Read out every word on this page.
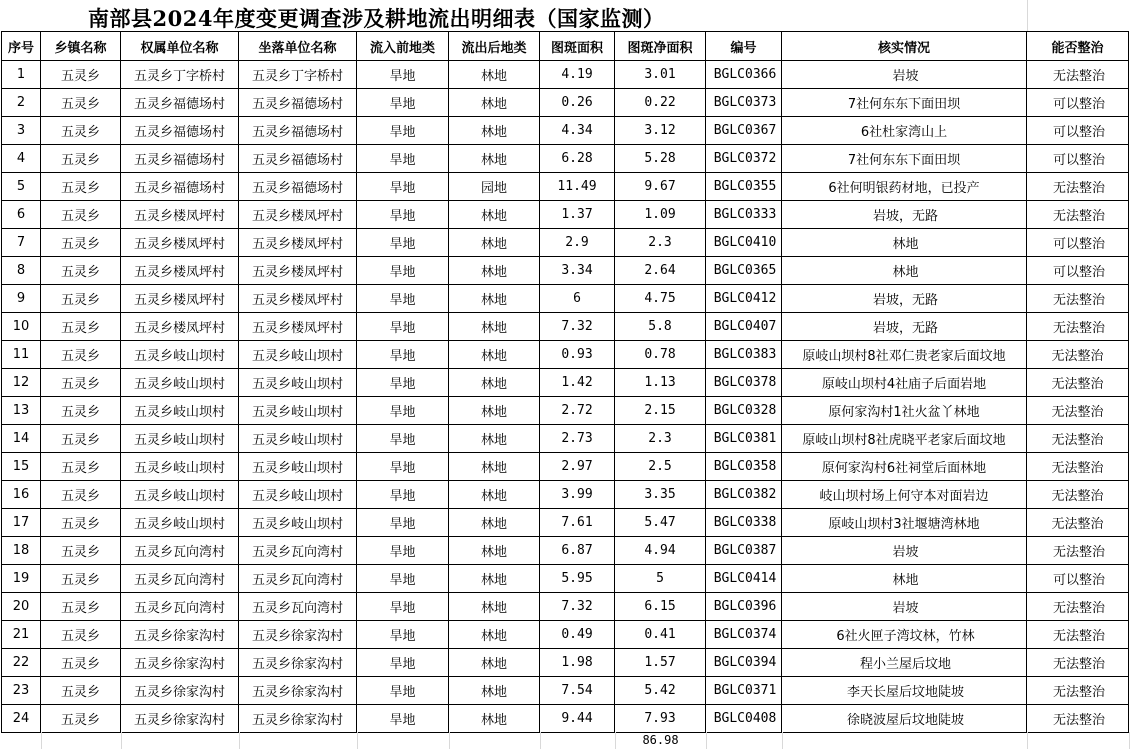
南部县2024年度变更调查涉及耕地流出明细表（国家监测）
序号	乡镇名称	权属单位名称	坐落单位名称	流入前地类	流出后地类	图斑面积	图斑净面积	编号	核实情况	能否整治
1	五灵乡	五灵乡丁字桥村	五灵乡丁字桥村	旱地	林地	4.19	3.01	BGLC0366	岩坡	无法整治
2	五灵乡	五灵乡福德场村	五灵乡福德场村	旱地	林地	0.26	0.22	BGLC0373	7社何东东下面田坝	可以整治
3	五灵乡	五灵乡福德场村	五灵乡福德场村	旱地	林地	4.34	3.12	BGLC0367	6社杜家湾山上	可以整治
4	五灵乡	五灵乡福德场村	五灵乡福德场村	旱地	林地	6.28	5.28	BGLC0372	7社何东东下面田坝	可以整治
5	五灵乡	五灵乡福德场村	五灵乡福德场村	旱地	园地	11.49	9.67	BGLC0355	6社何明银药材地，已投产	无法整治
6	五灵乡	五灵乡楼凤坪村	五灵乡楼凤坪村	旱地	林地	1.37	1.09	BGLC0333	岩坡，无路	无法整治
7	五灵乡	五灵乡楼凤坪村	五灵乡楼凤坪村	旱地	林地	2.9	2.3	BGLC0410	林地	可以整治
8	五灵乡	五灵乡楼凤坪村	五灵乡楼凤坪村	旱地	林地	3.34	2.64	BGLC0365	林地	可以整治
9	五灵乡	五灵乡楼凤坪村	五灵乡楼凤坪村	旱地	林地	6	4.75	BGLC0412	岩坡，无路	无法整治
10	五灵乡	五灵乡楼凤坪村	五灵乡楼凤坪村	旱地	林地	7.32	5.8	BGLC0407	岩坡，无路	无法整治
11	五灵乡	五灵乡岐山坝村	五灵乡岐山坝村	旱地	林地	0.93	0.78	BGLC0383	原岐山坝村8社邓仁贵老家后面坟地	无法整治
12	五灵乡	五灵乡岐山坝村	五灵乡岐山坝村	旱地	林地	1.42	1.13	BGLC0378	原岐山坝村4社庙子后面岩地	无法整治
13	五灵乡	五灵乡岐山坝村	五灵乡岐山坝村	旱地	林地	2.72	2.15	BGLC0328	原何家沟村1社火盆丫林地	无法整治
14	五灵乡	五灵乡岐山坝村	五灵乡岐山坝村	旱地	林地	2.73	2.3	BGLC0381	原岐山坝村8社虎晓平老家后面坟地	无法整治
15	五灵乡	五灵乡岐山坝村	五灵乡岐山坝村	旱地	林地	2.97	2.5	BGLC0358	原何家沟村6社祠堂后面林地	无法整治
16	五灵乡	五灵乡岐山坝村	五灵乡岐山坝村	旱地	林地	3.99	3.35	BGLC0382	岐山坝村场上何守本对面岩边	无法整治
17	五灵乡	五灵乡岐山坝村	五灵乡岐山坝村	旱地	林地	7.61	5.47	BGLC0338	原岐山坝村3社堰塘湾林地	无法整治
18	五灵乡	五灵乡瓦向湾村	五灵乡瓦向湾村	旱地	林地	6.87	4.94	BGLC0387	岩坡	无法整治
19	五灵乡	五灵乡瓦向湾村	五灵乡瓦向湾村	旱地	林地	5.95	5	BGLC0414	林地	可以整治
20	五灵乡	五灵乡瓦向湾村	五灵乡瓦向湾村	旱地	林地	7.32	6.15	BGLC0396	岩坡	无法整治
21	五灵乡	五灵乡徐家沟村	五灵乡徐家沟村	旱地	林地	0.49	0.41	BGLC0374	6社火匣子湾坟林，竹林	无法整治
22	五灵乡	五灵乡徐家沟村	五灵乡徐家沟村	旱地	林地	1.98	1.57	BGLC0394	程小兰屋后坟地	无法整治
23	五灵乡	五灵乡徐家沟村	五灵乡徐家沟村	旱地	林地	7.54	5.42	BGLC0371	李天长屋后坟地陡坡	无法整治
24	五灵乡	五灵乡徐家沟村	五灵乡徐家沟村	旱地	林地	9.44	7.93	BGLC0408	徐晓波屋后坟地陡坡	无法整治
86.98
